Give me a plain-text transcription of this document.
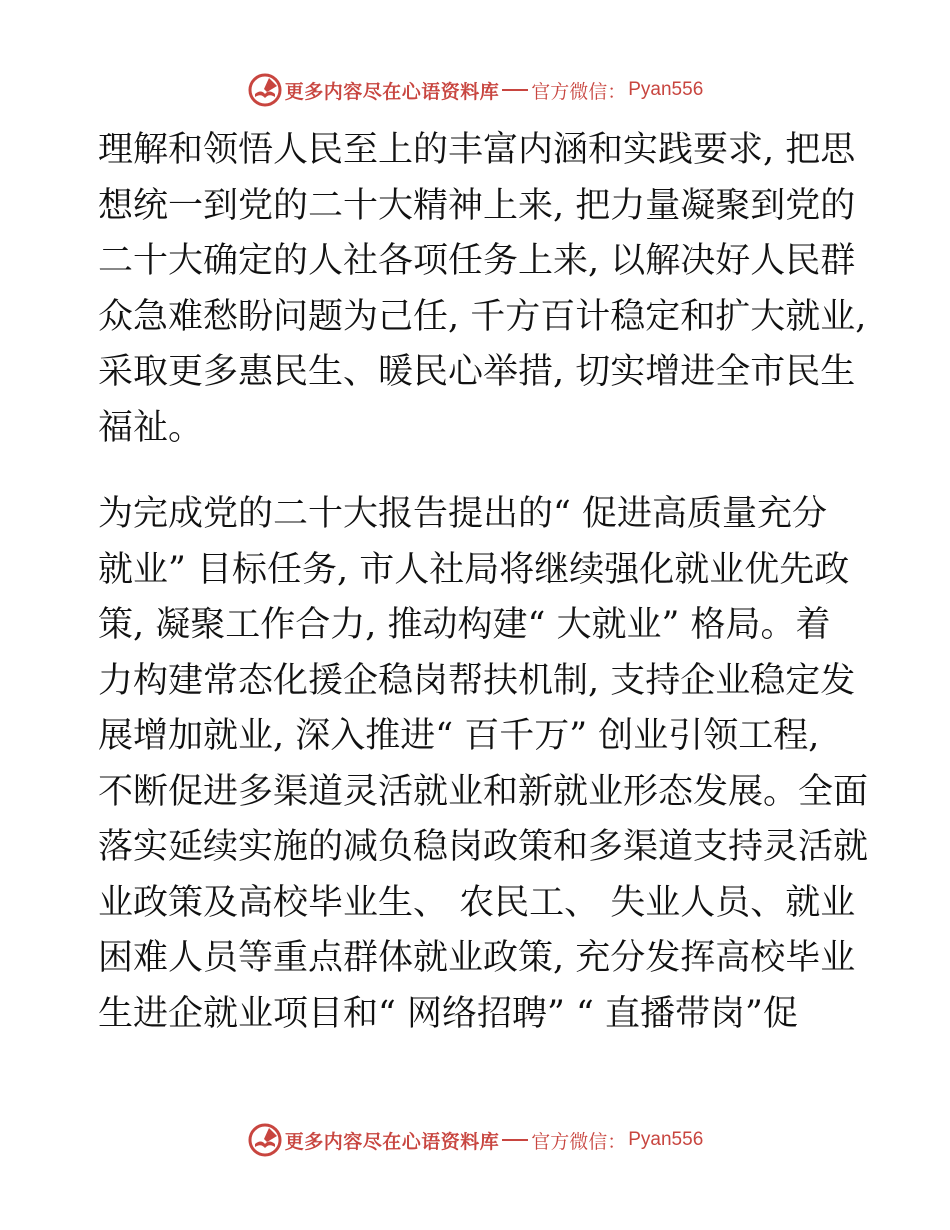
更多内容尽在心语资料库 官方微信： Pyan556
理解和领悟人民至上的丰富内涵和实践要求, 把思
想统一到党的二十大精神上来, 把力量凝聚到党的
二十大确定的人社各项任务上来, 以解决好人民群
众急难愁盼问题为己任, 千方百计稳定和扩大就业,
采取更多惠民生、暖民心举措, 切实增进全市民生
福祉。
为完成党的二十大报告提出的“ 促进高质量充分
就业” 目标任务, 市人社局将继续强化就业优先政
策, 凝聚工作合力, 推动构建“ 大就业” 格局。着
力构建常态化援企稳岗帮扶机制, 支持企业稳定发
展增加就业, 深入推进“ 百千万” 创业引领工程,
不断促进多渠道灵活就业和新就业形态发展。全面
落实延续实施的减负稳岗政策和多渠道支持灵活就
业政策及高校毕业生、 农民工、 失业人员、就业
困难人员等重点群体就业政策, 充分发挥高校毕业
生进企就业项目和“ 网络招聘” “ 直播带岗”促
更多内容尽在心语资料库 官方微信： Pyan556
